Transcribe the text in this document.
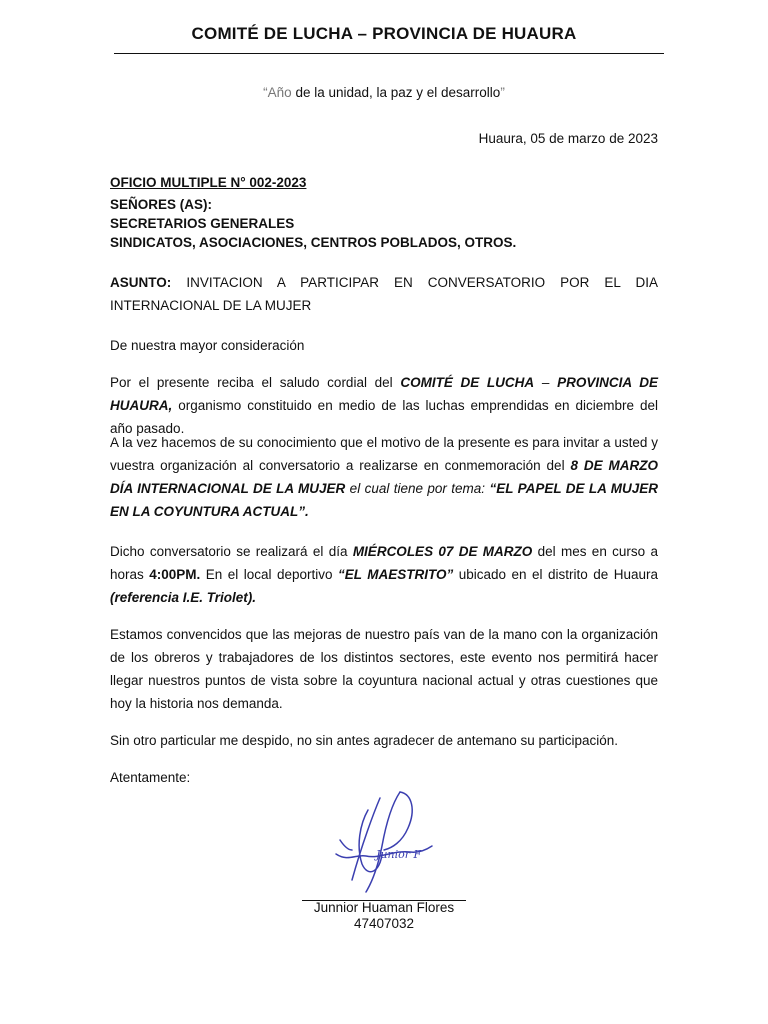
COMITÉ DE LUCHA – PROVINCIA DE HUAURA
“Año de la unidad, la paz y el desarrollo”
Huaura, 05 de marzo de 2023
OFICIO MULTIPLE N° 002-2023
SEÑORES (AS):
SECRETARIOS GENERALES
SINDICATOS, ASOCIACIONES, CENTROS POBLADOS, OTROS.
ASUNTO: INVITACION A PARTICIPAR EN CONVERSATORIO POR EL DIA INTERNACIONAL DE LA MUJER
De nuestra mayor consideración
Por el presente reciba el saludo cordial del COMITÉ DE LUCHA – PROVINCIA DE HUAURA, organismo constituido en medio de las luchas emprendidas en diciembre del año pasado.
A la vez hacemos de su conocimiento que el motivo de la presente es para invitar a usted y vuestra organización al conversatorio a realizarse en conmemoración del 8 DE MARZO DÍA INTERNACIONAL DE LA MUJER el cual tiene por tema: “EL PAPEL DE LA MUJER EN LA COYUNTURA ACTUAL”.
Dicho conversatorio se realizará el día MIÉRCOLES 07 DE MARZO del mes en curso a horas 4:00PM. En el local deportivo “EL MAESTRITO” ubicado en el distrito de Huaura (referencia I.E. Triolet).
Estamos convencidos que las mejoras de nuestro país van de la mano con la organización de los obreros y trabajadores de los distintos sectores, este evento nos permitirá hacer llegar nuestros puntos de vista sobre la coyuntura nacional actual y otras cuestiones que hoy la historia nos demanda.
Sin otro particular me despido, no sin antes agradecer de antemano su participación.
Atentamente:
Junior F
Junnior Huaman Flores
47407032
